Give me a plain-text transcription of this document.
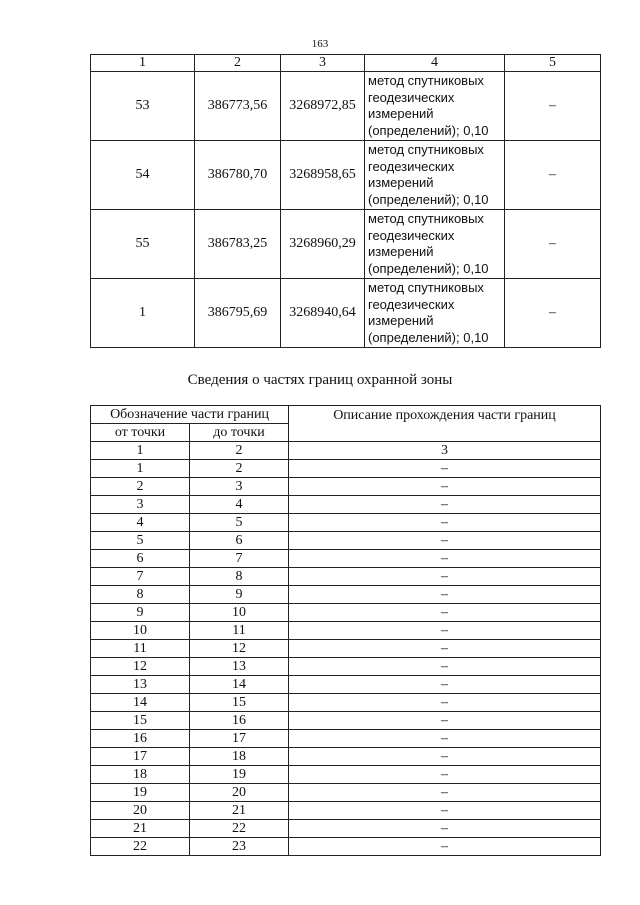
163
1	2	3	4	5
53	386773,56	3268972,85	метод спутниковых
геодезических
измерений
(определений); 0,10	–
54	386780,70	3268958,65	метод спутниковых
геодезических
измерений
(определений); 0,10	–
55	386783,25	3268960,29	метод спутниковых
геодезических
измерений
(определений); 0,10	–
1	386795,69	3268940,64	метод спутниковых
геодезических
измерений
(определений); 0,10	–
Сведения о частях границ охранной зоны
Обозначение части границ		Описание прохождения части границ
от точки	до точки	
1	2	3
1	2	–
2	3	–
3	4	–
4	5	–
5	6	–
6	7	–
7	8	–
8	9	–
9	10	–
10	11	–
11	12	–
12	13	–
13	14	–
14	15	–
15	16	–
16	17	–
17	18	–
18	19	–
19	20	–
20	21	–
21	22	–
22	23	–
